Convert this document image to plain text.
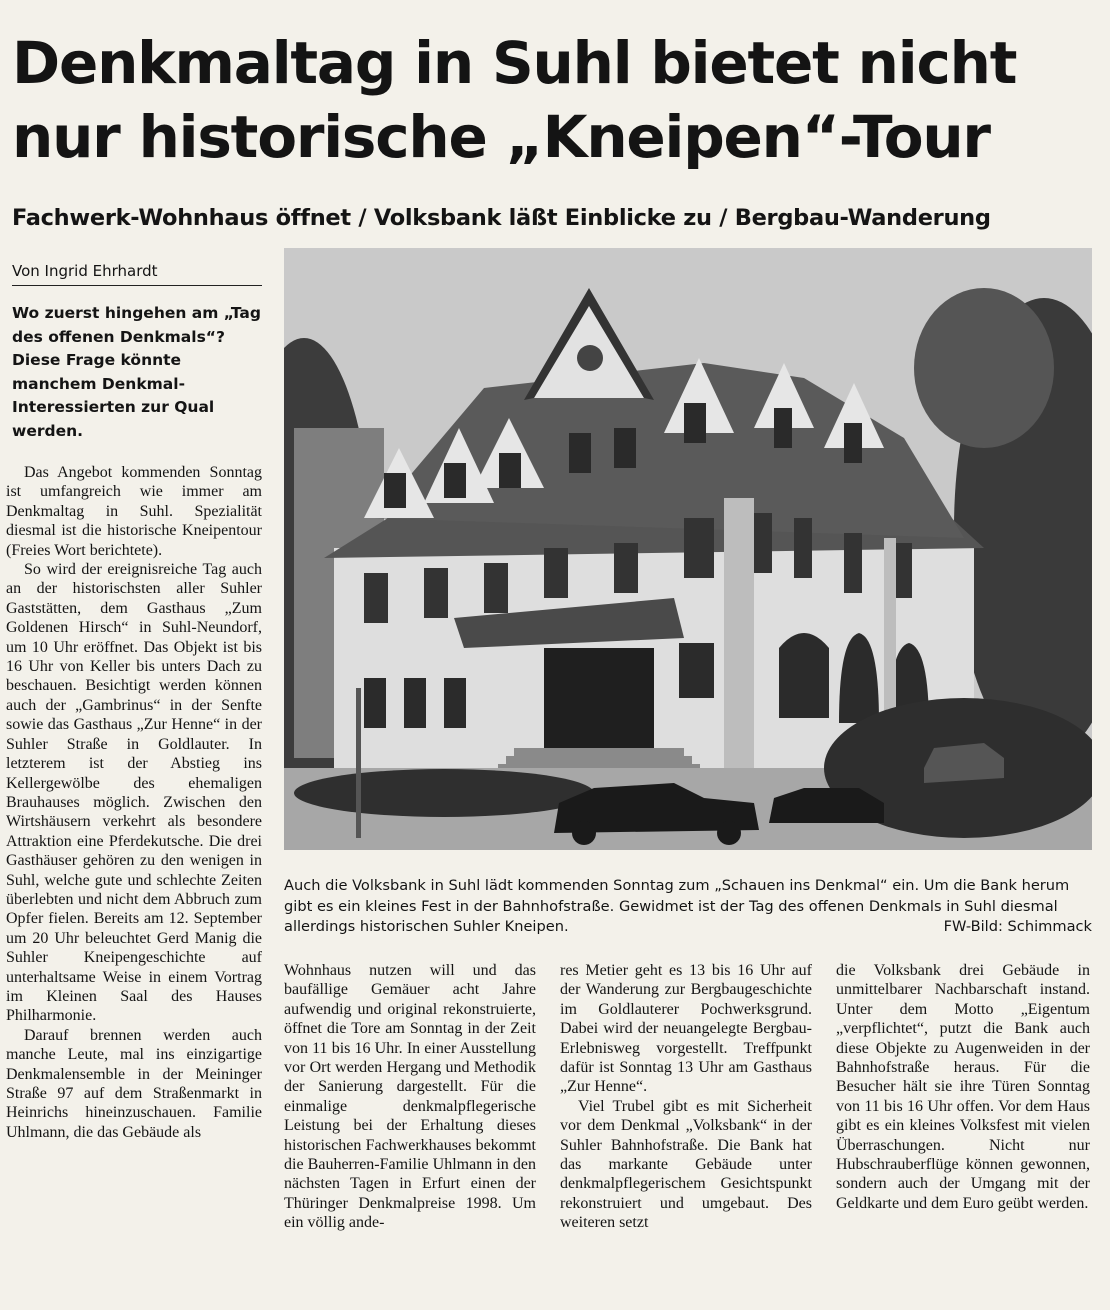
Denkmaltag in Suhl bietet nicht nur historische „Kneipen“-Tour
Fachwerk-Wohnhaus öffnet / Volksbank läßt Einblicke zu / Bergbau-Wanderung
Von Ingrid Ehrhardt
Wo zuerst hingehen am „Tag des offenen Denkmals“? Diese Frage könnte manchem Denkmal-Interessierten zur Qual werden.

Das Angebot kommenden Sonntag ist umfangreich wie immer am Denkmaltag in Suhl. Spezialität diesmal ist die historische Kneipentour (Freies Wort berichtete).

So wird der ereignisreiche Tag auch an der historischsten aller Suhler Gaststätten, dem Gasthaus „Zum Goldenen Hirsch“ in Suhl-Neundorf, um 10 Uhr eröffnet. Das Objekt ist bis 16 Uhr von Keller bis unters Dach zu beschauen. Besichtigt werden können auch der „Gambrinus“ in der Senfte sowie das Gasthaus „Zur Henne“ in der Suhler Straße in Goldlauter. In letzterem ist der Abstieg ins Kellergewölbe des ehemaligen Brauhauses möglich. Zwischen den Wirtshäusern verkehrt als besondere Attraktion eine Pferdekutsche. Die drei Gasthäuser gehören zu den wenigen in Suhl, welche gute und schlechte Zeiten überlebten und nicht dem Abbruch zum Opfer fielen. Bereits am 12. September um 20 Uhr beleuchtet Gerd Manig die Suhler Kneipengeschichte auf unterhaltsame Weise in einem Vortrag im Kleinen Saal des Hauses Philharmonie.

Darauf brennen werden auch manche Leute, mal ins einzigartige Denkmalensemble in der Meininger Straße 97 auf dem Straßenmarkt in Heinrichs hineinzuschauen. Familie Uhlmann, die das Gebäude als

Wohnhaus nutzen will und das baufällige Gemäuer acht Jahre aufwendig und original rekonstruierte, öffnet die Tore am Sonntag in der Zeit von 11 bis 16 Uhr. In einer Ausstellung vor Ort werden Hergang und Methodik der Sanierung dargestellt. Für die einmalige denkmalpflegerische Leistung bei der Erhaltung dieses historischen Fachwerkhauses bekommt die Bauherren-Familie Uhlmann in den nächsten Tagen in Erfurt einen der Thüringer Denkmalpreise 1998. Um ein völlig ande-

res Metier geht es 13 bis 16 Uhr auf der Wanderung zur Bergbaugeschichte im Goldlauterer Pochwerksgrund. Dabei wird der neuangelegte Bergbau-Erlebnisweg vorgestellt. Treffpunkt dafür ist Sonntag 13 Uhr am Gasthaus „Zur Henne“.

Viel Trubel gibt es mit Sicherheit vor dem Denkmal „Volksbank“ in der Suhler Bahnhofstraße. Die Bank hat das markante Gebäude unter denkmalpflegerischem Gesichtspunkt rekonstruiert und umgebaut. Des weiteren setzt

die Volksbank drei Gebäude in unmittelbarer Nachbarschaft instand. Unter dem Motto „Eigentum „verpflichtet“, putzt die Bank auch diese Objekte zu Augenweiden in der Bahnhofstraße heraus. Für die Besucher hält sie ihre Türen Sonntag von 11 bis 16 Uhr offen. Vor dem Haus gibt es ein kleines Volksfest mit vielen Überraschungen. Nicht nur Hubschrauberflüge können gewonnen, sondern auch der Umgang mit der Geldkarte und dem Euro geübt werden.

Auch die Volksbank in Suhl lädt kommenden Sonntag zum „Schauen ins Denkmal“ ein. Um die Bank herum gibt es ein kleines Fest in der Bahnhofstraße. Gewidmet ist der Tag des offenen Denkmals in Suhl diesmal allerdings historischen Suhler Kneipen.	FW-Bild: Schimmack
